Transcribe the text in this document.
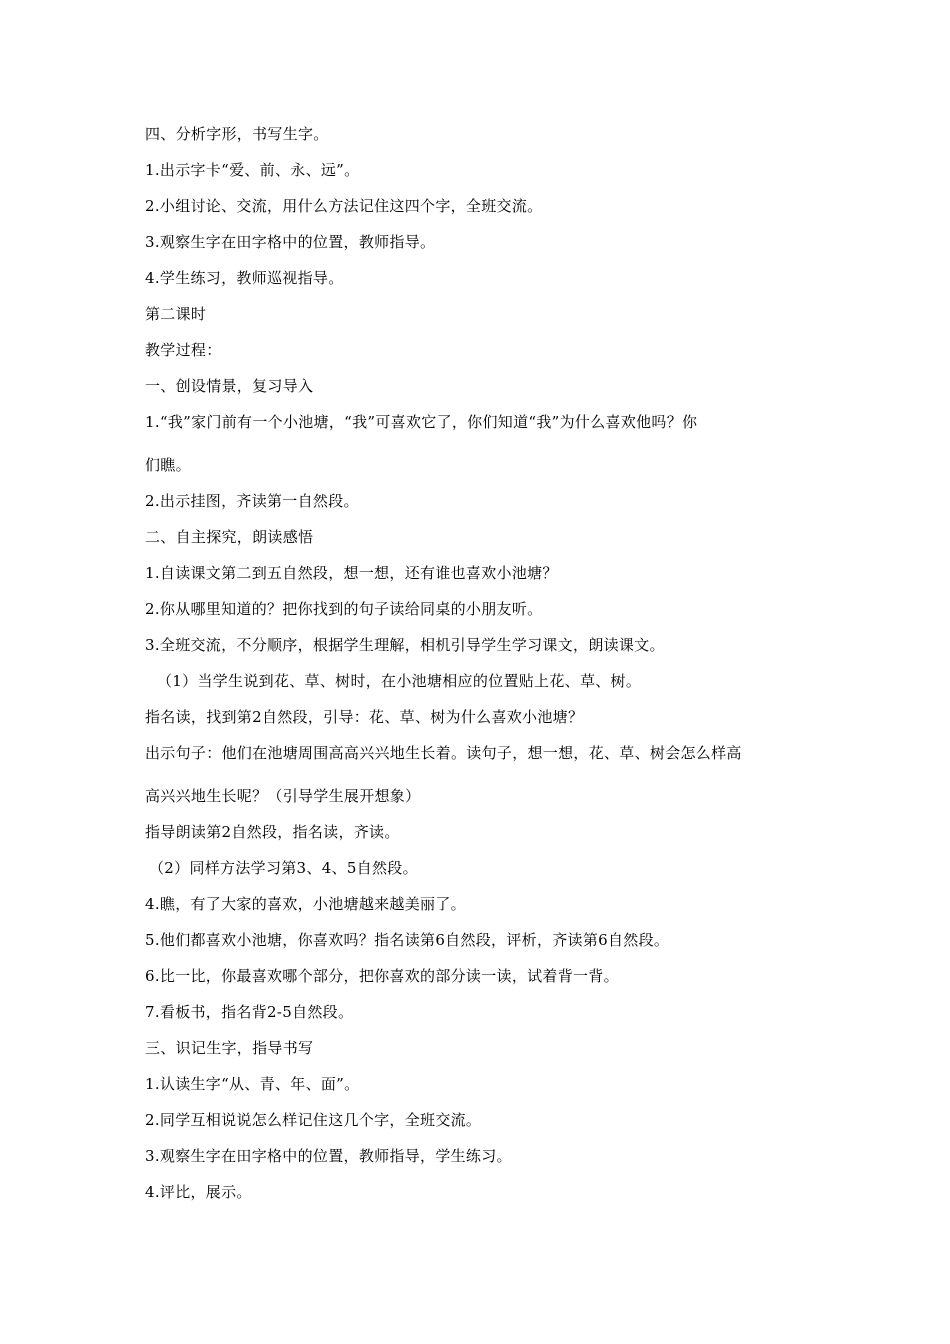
四、分析字形，书写生字。
1.出示字卡“爱、前、永、远”。
2.小组讨论、交流，用什么方法记住这四个字，全班交流。
3.观察生字在田字格中的位置，教师指导。
4.学生练习，教师巡视指导。
第二课时
教学过程：
一、创设情景，复习导入
1.“我”家门前有一个小池塘，“我”可喜欢它了，你们知道“我”为什么喜欢他吗？你
们瞧。
2.出示挂图，齐读第一自然段。
二、自主探究，朗读感悟
1.自读课文第二到五自然段，想一想，还有谁也喜欢小池塘？
2.你从哪里知道的？把你找到的句子读给同桌的小朋友听。
3.全班交流，不分顺序，根据学生理解，相机引导学生学习课文，朗读课文。
（1）当学生说到花、草、树时，在小池塘相应的位置贴上花、草、树。
指名读，找到第2自然段，引导：花、草、树为什么喜欢小池塘？
出示句子：他们在池塘周围高高兴兴地生长着。读句子，想一想，花、草、树会怎么样高
高兴兴地生长呢？（引导学生展开想象）
指导朗读第2自然段，指名读，齐读。
（2）同样方法学习第3、4、5自然段。
4.瞧，有了大家的喜欢，小池塘越来越美丽了。
5.他们都喜欢小池塘，你喜欢吗？指名读第6自然段，评析，齐读第6自然段。
6.比一比，你最喜欢哪个部分，把你喜欢的部分读一读，试着背一背。
7.看板书，指名背2-5自然段。
三、识记生字，指导书写
1.认读生字“从、青、年、面”。
2.同学互相说说怎么样记住这几个字，全班交流。
3.观察生字在田字格中的位置，教师指导，学生练习。
4.评比，展示。
